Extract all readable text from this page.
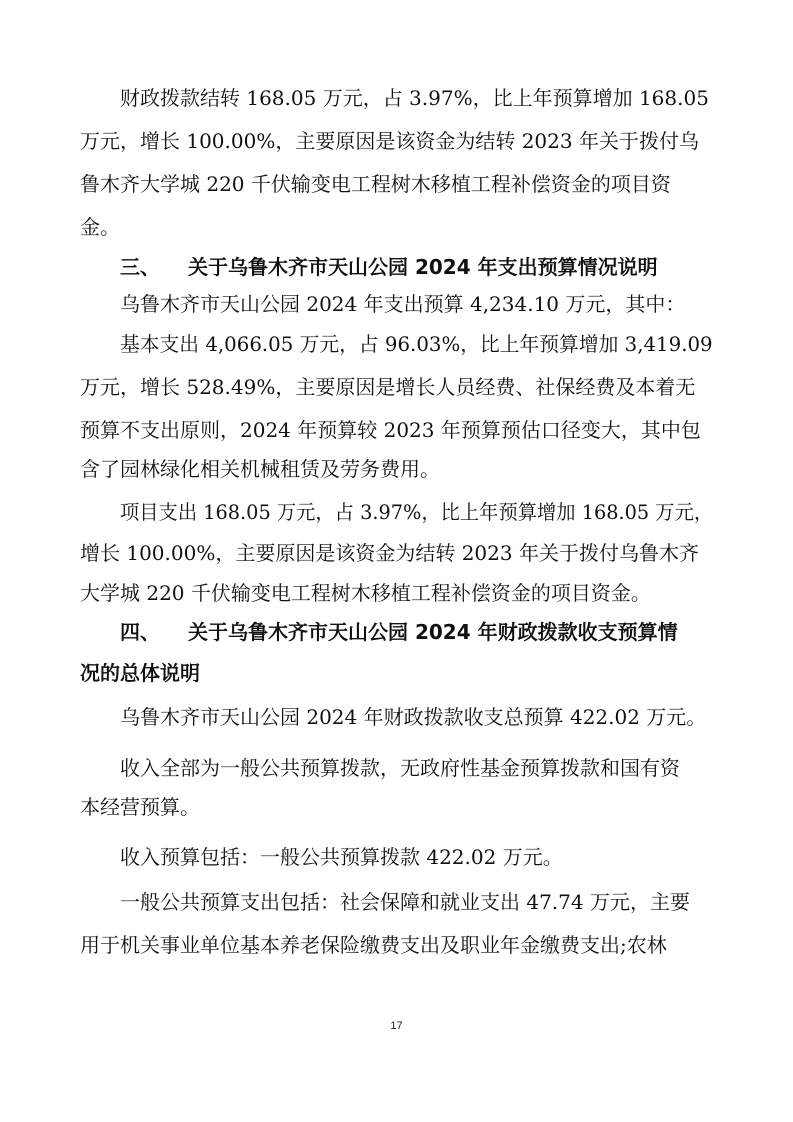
财政拨款结转 168.05 万元，占 3.97%，比上年预算增加 168.05

万元，增长 100.00%，主要原因是该资金为结转 2023 年关于拨付乌

鲁木齐大学城 220 千伏输变电工程树木移植工程补偿资金的项目资

金。

三、 关于乌鲁木齐市天山公园 2024 年支出预算情况说明

乌鲁木齐市天山公园 2024 年支出预算 4,234.10 万元，其中：

基本支出 4,066.05 万元，占 96.03%，比上年预算增加 3,419.09

万元，增长 528.49%，主要原因是增长人员经费、社保经费及本着无

预算不支出原则，2024 年预算较 2023 年预算预估口径变大，其中包

含了园林绿化相关机械租赁及劳务费用。

项目支出 168.05 万元，占 3.97%，比上年预算增加 168.05 万元，

增长 100.00%，主要原因是该资金为结转 2023 年关于拨付乌鲁木齐

大学城 220 千伏输变电工程树木移植工程补偿资金的项目资金。

四、 关于乌鲁木齐市天山公园 2024 年财政拨款收支预算情

况的总体说明

乌鲁木齐市天山公园 2024 年财政拨款收支总预算 422.02 万元。

收入全部为一般公共预算拨款，无政府性基金预算拨款和国有资

本经营预算。

收入预算包括：一般公共预算拨款 422.02 万元。

一般公共预算支出包括：社会保障和就业支出 47.74 万元，主要

用于机关事业单位基本养老保险缴费支出及职业年金缴费支出;农林

17
